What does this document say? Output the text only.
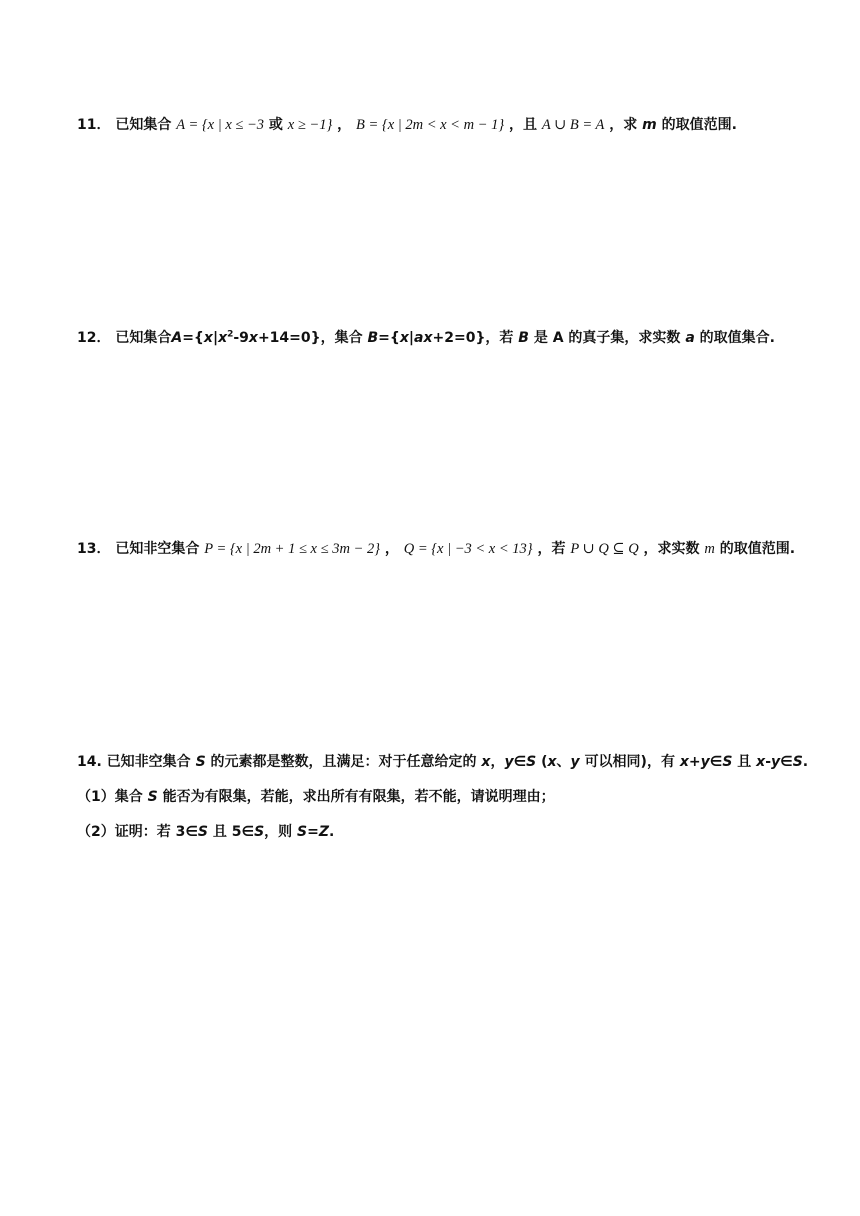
11． 已知集合 A = {x | x ≤ −3 或 x ≥ −1} ， B = {x | 2m < x < m − 1} ，且 A ∪ B = A ，求 m 的取值范围.
12． 已知集合$A=\{x|x^2-9x+14=0\}$，集合 B={x|ax+2=0}，若 B 是 A 的真子集，求实数 a 的取值集合.
13． 已知非空集合 P = {x | 2m + 1 ≤ x ≤ 3m − 2} ， Q = {x | −3 < x < 13} ，若 P ∪ Q ⊆ Q ，求实数 m 的取值范围.
14. 已知非空集合 S 的元素都是整数，且满足：对于任意给定的 x，y∈S (x、y 可以相同)，有 x+y∈S 且 x-y∈S.
（1）集合 S 能否为有限集，若能，求出所有有限集，若不能，请说明理由；
（2）证明：若 3∈S 且 5∈S，则 S=Z.
